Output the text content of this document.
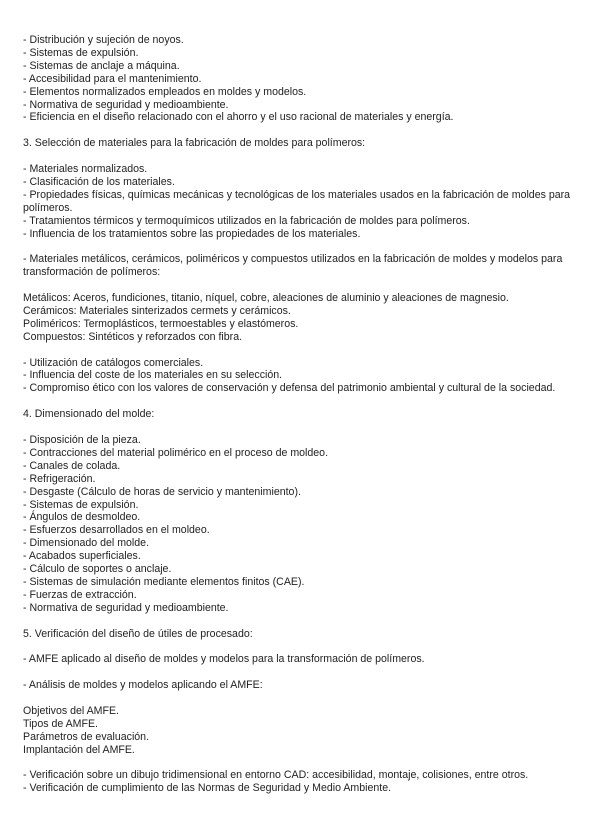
- Distribución y sujeción de noyos.
- Sistemas de expulsión.
- Sistemas de anclaje a máquina.
- Accesibilidad para el mantenimiento.
- Elementos normalizados empleados en moldes y modelos.
- Normativa de seguridad y medioambiente.
- Eficiencia en el diseño relacionado con el ahorro y el uso racional de materiales y energía.
3. Selección de materiales para la fabricación de moldes para polímeros:
- Materiales normalizados.
- Clasificación de los materiales.
- Propiedades físicas, químicas mecánicas y tecnológicas de los materiales usados en la fabricación de moldes para
polímeros.
- Tratamientos térmicos y termoquímicos utilizados en la fabricación de moldes para polímeros.
- Influencia de los tratamientos sobre las propiedades de los materiales.
- Materiales metálicos, cerámicos, poliméricos y compuestos utilizados en la fabricación de moldes y modelos para
transformación de polímeros:
Metálicos: Aceros, fundiciones, titanio, níquel, cobre, aleaciones de aluminio y aleaciones de magnesio.
Cerámicos: Materiales sinterizados cermets y cerámicos.
Poliméricos: Termoplásticos, termoestables y elastómeros.
Compuestos: Sintéticos y reforzados con fibra.
- Utilización de catálogos comerciales.
- Influencia del coste de los materiales en su selección.
- Compromiso ético con los valores de conservación y defensa del patrimonio ambiental y cultural de la sociedad.
4. Dimensionado del molde:
- Disposición de la pieza.
- Contracciones del material polimérico en el proceso de moldeo.
- Canales de colada.
- Refrigeración.
- Desgaste (Cálculo de horas de servicio y mantenimiento).
- Sistemas de expulsión.
- Ángulos de desmoldeo.
- Esfuerzos desarrollados en el moldeo.
- Dimensionado del molde.
- Acabados superficiales.
- Cálculo de soportes o anclaje.
- Sistemas de simulación mediante elementos finitos (CAE).
- Fuerzas de extracción.
- Normativa de seguridad y medioambiente.
5. Verificación del diseño de útiles de procesado:
- AMFE aplicado al diseño de moldes y modelos para la transformación de polímeros.
- Análisis de moldes y modelos aplicando el AMFE:
Objetivos del AMFE.
Tipos de AMFE.
Parámetros de evaluación.
Implantación del AMFE.
- Verificación sobre un dibujo tridimensional en entorno CAD: accesibilidad, montaje, colisiones, entre otros.
- Verificación de cumplimiento de las Normas de Seguridad y Medio Ambiente.
